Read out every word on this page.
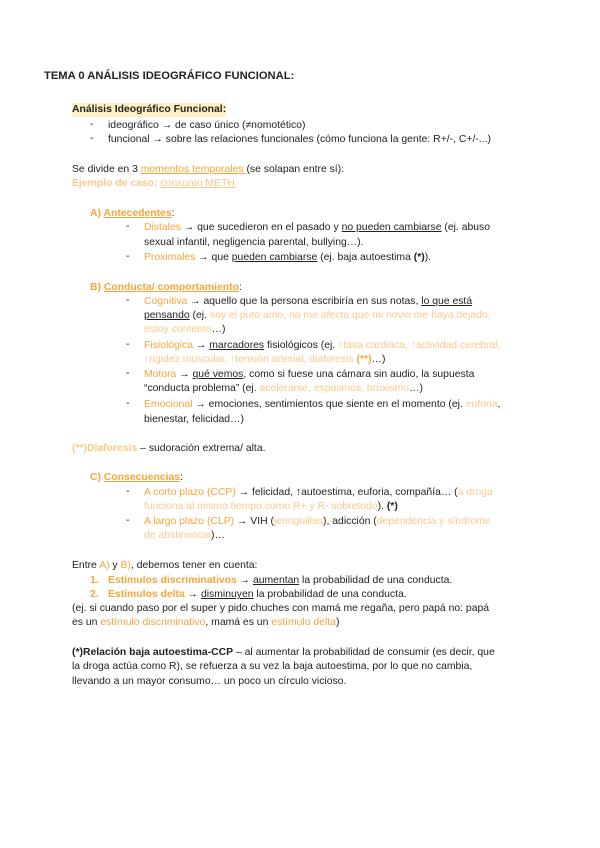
TEMA 0 ANÁLISIS IDEOGRÁFICO FUNCIONAL:
Análisis Ideográfico Funcional:
- ideográfico → de caso único (≠nomotético)
- funcional → sobre las relaciones funcionales (cómo funciona la gente: R+/-, C+/-...)
Se divide en 3 momentos temporales (se solapan entre sí):
Ejemplo de caso: consumo METH
A) Antecedentes:
- Distales → que sucedieron en el pasado y no pueden cambiarse (ej. abuso
sexual infantil, negligencia parental, bullying…).
- Proximales → que pueden cambiarse (ej. baja autoestima (*)).
B) Conducta/ comportamiento:
- Cognitiva → aquello que la persona escribiría en sus notas, lo que está
pensando (ej. soy el puto amo, no me afecta que mi novio me haya dejado,
estoy contento…)
- Fisiológica → marcadores fisiológicos (ej. ↑tasa cardiaca, ↑actividad cerebral,
↑rigidez muscular, ↑tensión arterial, diaforesis (**)…)
- Motora → qué vemos, como si fuese una cámara sin audio, la supuesta
“conducta problema” (ej. acelerarse, espasmos, bruxismo…)
- Emocional → emociones, sentimientos que siente en el momento (ej. euforia,
bienestar, felicidad…)
(**)Diaforesis – sudoración extrema/ alta.
C) Consecuencias:
- A corto plazo (CCP) → felicidad, ↑autoestima, euforia, compañía… (a droga
funciona al mismo tiempo como R+ y R- sobretodo). (*)
- A largo plazo (CLP) → VIH (jeringuillas), adicción (dependencia y síndrome
de abstinencia)…
Entre A) y B), debemos tener en cuenta:
1. Estímulos discriminativos → aumentan la probabilidad de una conducta.
2. Estímulos delta → disminuyen la probabilidad de una conducta.
(ej. si cuando paso por el super y pido chuches con mamá me regaña, pero papá no: papá
es un estímulo discriminativo, mamá es un estímulo delta)
(*)Relación baja autoestima-CCP – al aumentar la probabilidad de consumir (es decir, que
la droga actúa como R), se refuerza a su vez la baja autoestima, por lo que no cambia,
llevando a un mayor consumo… un poco un círculo vicioso.
